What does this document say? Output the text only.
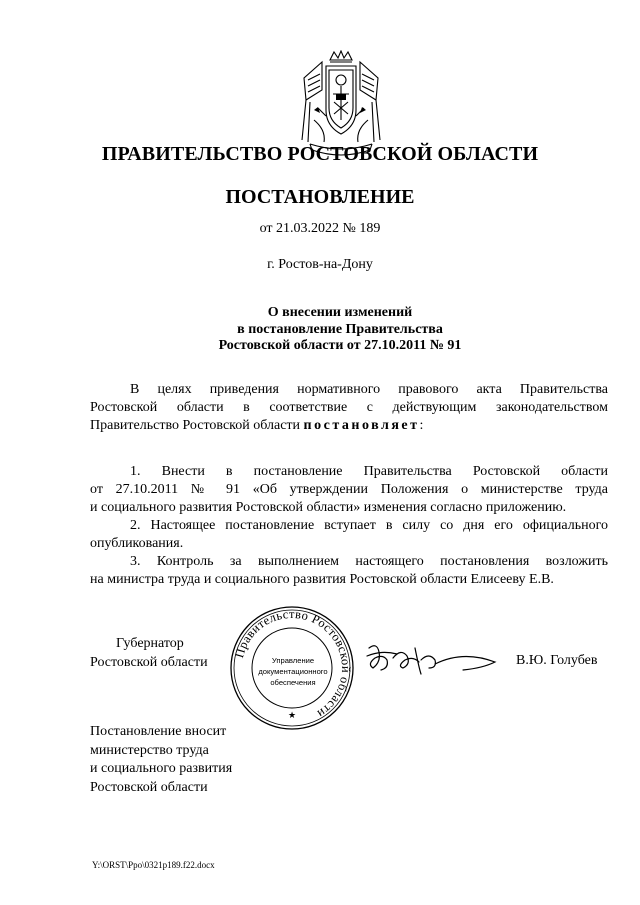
ПРАВИТЕЛЬСТВО РОСТОВСКОЙ ОБЛАСТИ
ПОСТАНОВЛЕНИЕ
от 21.03.2022 № 189
г. Ростов-на-Дону
О внесении изменений
в постановление Правительства
Ростовской области от 27.10.2011 № 91
В целях приведения нормативного правового акта Правительства
Ростовской области в соответствие с действующим законодательством
Правительство Ростовской области постановляет:
1. Внести в постановление Правительства Ростовской области
от 27.10.2011 № 91 «Об утверждении Положения о министерстве труда
и социального развития Ростовской области» изменения согласно приложению.
2. Настоящее постановление вступает в силу со дня его официального
опубликования.
3. Контроль за выполнением настоящего постановления возложить
на министра труда и социального развития Ростовской области Елисееву Е.В.
Губернатор
Ростовской области
Правительство Ростовской области
★
Управление
документационного
обеспечения
В.Ю. Голубев
Постановление вносит
министерство труда
и социального развития
Ростовской области
Y:\ORST\Ppo\0321p189.f22.docx
